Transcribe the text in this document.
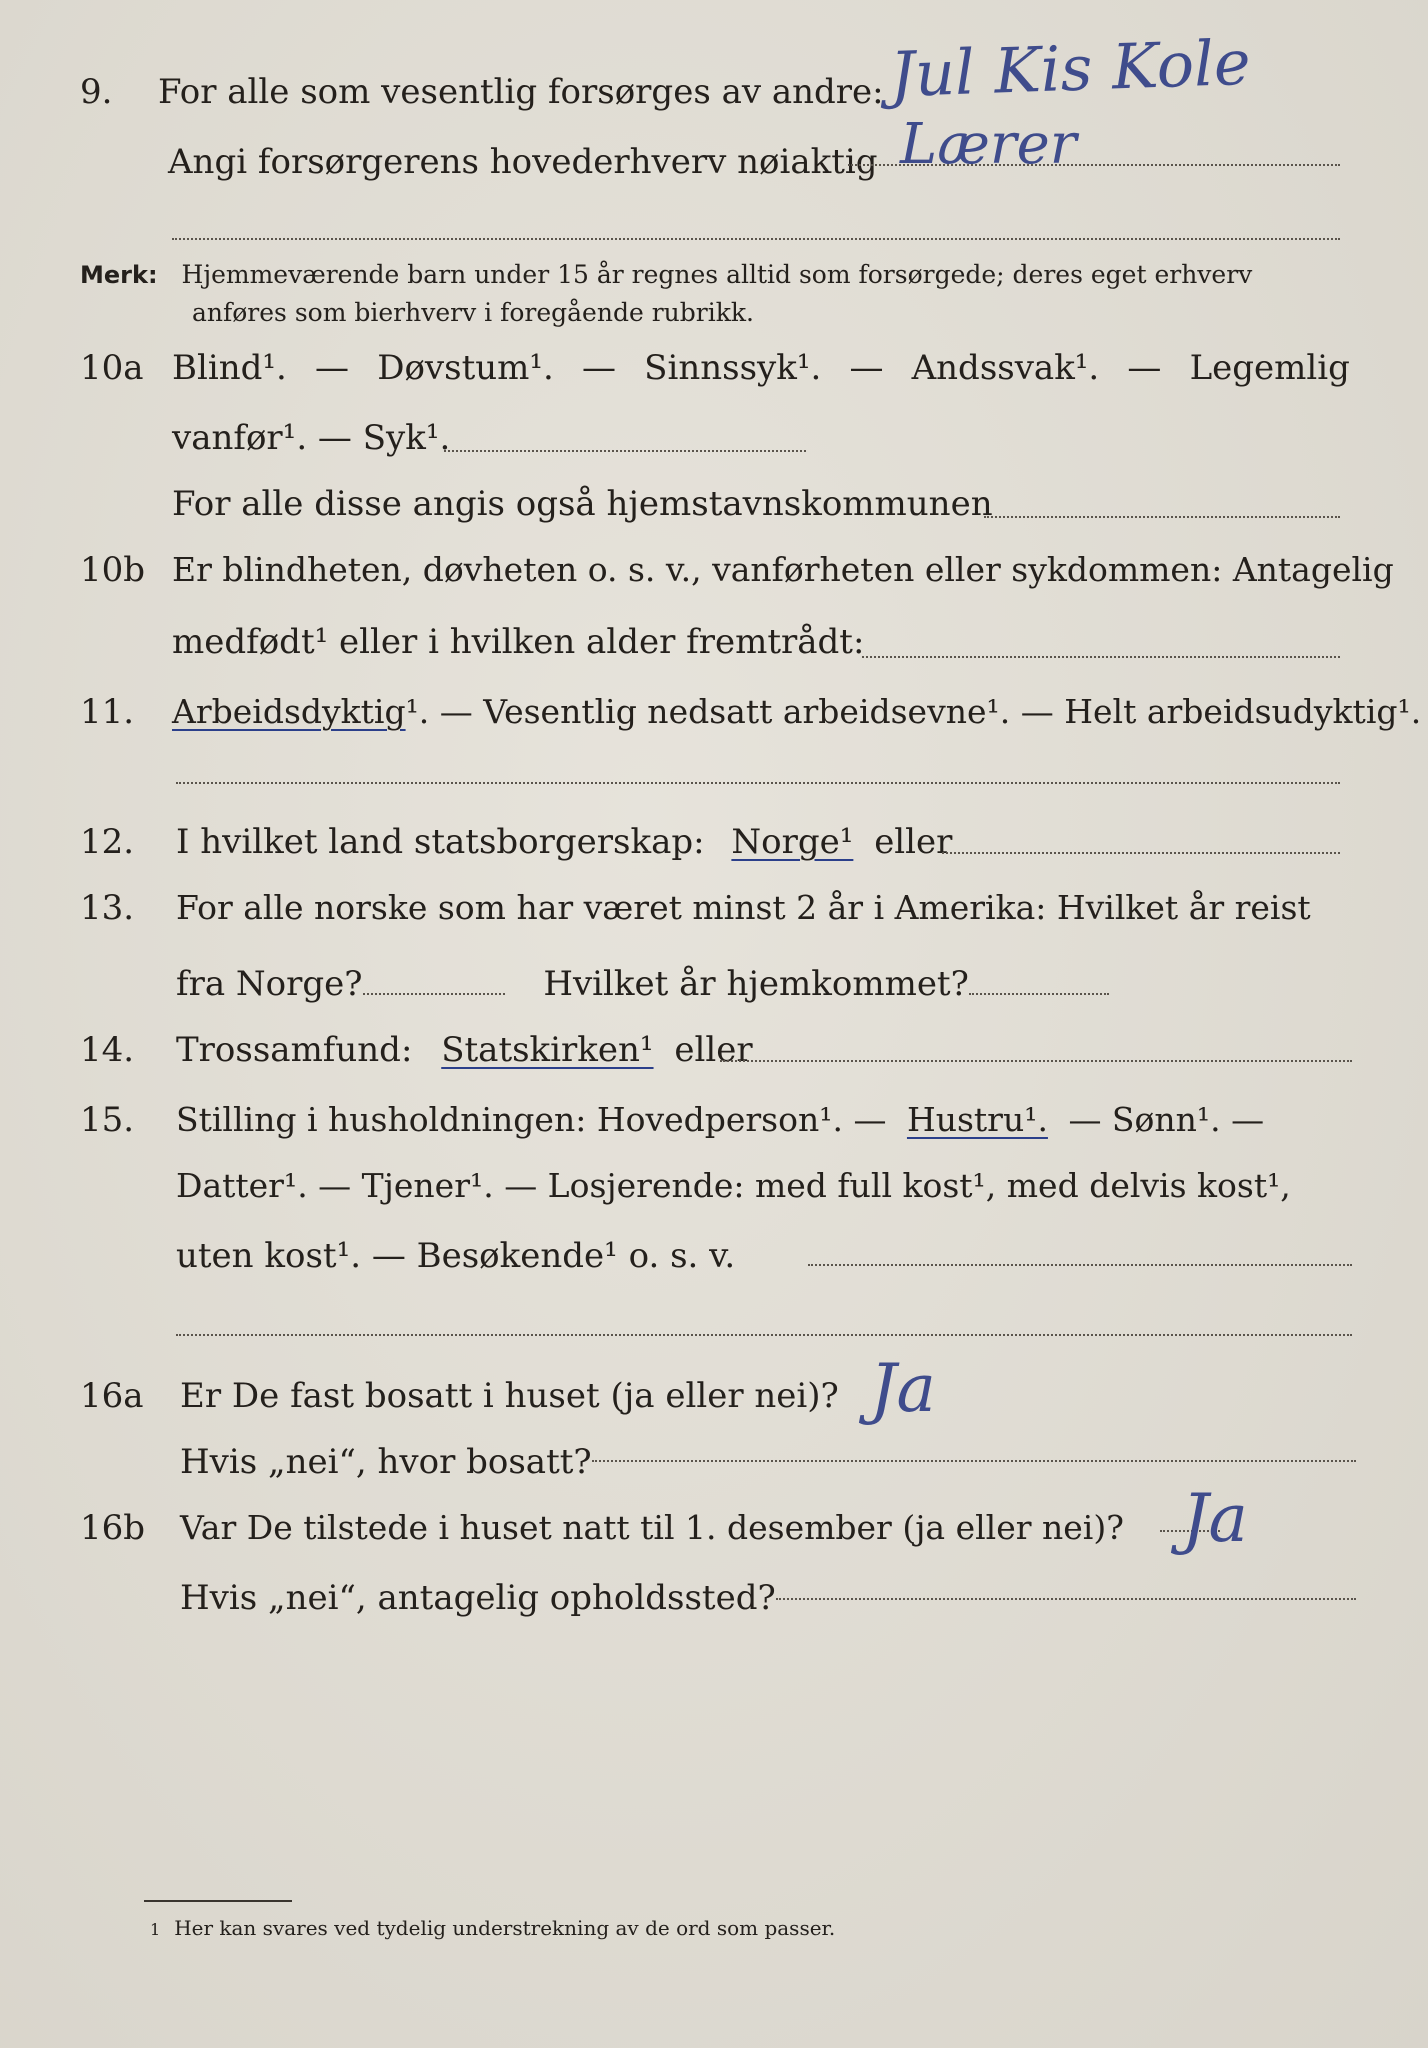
9. For alle som vesentlig forsørges av andre: Jul Kis Kole
Angi forsørgerens hovederhverv nøiaktig Lærer
Merk: Hjemmeværende barn under 15 år regnes alltid som forsørgede; deres eget erhverv
anføres som bierhverv i foregående rubrikk.
10a Blind¹. — Døvstum¹. — Sinnssyk¹. — Andssvak¹. — Legemlig
vanfør¹. — Syk¹.
For alle disse angis også hjemstavnskommunen
10b Er blindheten, døvheten o. s. v., vanførheten eller sykdommen: Antagelig
medfødt¹ eller i hvilken alder fremtrådt:
11. Arbeidsdyktig¹. — Vesentlig nedsatt arbeidsevne¹. — Helt arbeidsudyktig¹.
12. I hvilket land statsborgerskap: Norge¹ eller
13. For alle norske som har været minst 2 år i Amerika: Hvilket år reist
fra Norge?	Hvilket år hjemkommet?
14. Trossamfund: Statskirken¹ eller
15. Stilling i husholdningen: Hovedperson¹. — Hustru¹. — Sønn¹. —
Datter¹. — Tjener¹. — Losjerende: med full kost¹, med delvis kost¹,
uten kost¹. — Besøkende¹ o. s. v.
16a Er De fast bosatt i huset (ja eller nei)? Ja
Hvis „nei“, hvor bosatt?
16b Var De tilstede i huset natt til 1. desember (ja eller nei)? Ja
Hvis „nei“, antagelig opholdssted?
1 Her kan svares ved tydelig understrekning av de ord som passer.
